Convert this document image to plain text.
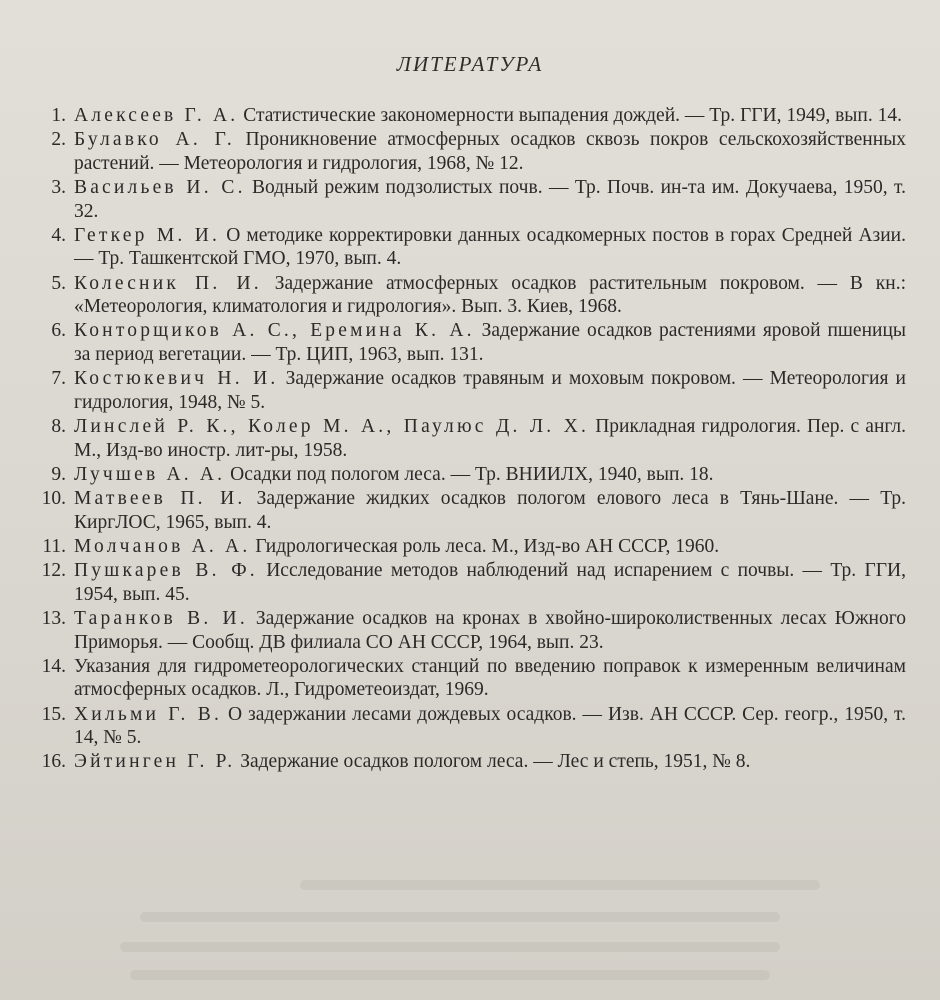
ЛИТЕРАТУРА
1. Алексеев Г. А. Статистические закономерности выпадения дождей. — Тр. ГГИ, 1949, вып. 14.
2. Булавко А. Г. Проникновение атмосферных осадков сквозь покров сельскохозяйственных растений. — Метеорология и гидрология, 1968, № 12.
3. Васильев И. С. Водный режим подзолистых почв. — Тр. Почв. ин-та им. Докучаева, 1950, т. 32.
4. Геткер М. И. О методике корректировки данных осадкомерных постов в горах Средней Азии. — Тр. Ташкентской ГМО, 1970, вып. 4.
5. Колесник П. И. Задержание атмосферных осадков растительным покровом. — В кн.: «Метеорология, климатология и гидрология». Вып. 3. Киев, 1968.
6. Конторщиков А. С., Еремина К. А. Задержание осадков растениями яровой пшеницы за период вегетации. — Тр. ЦИП, 1963, вып. 131.
7. Костюкевич Н. И. Задержание осадков травяным и моховым покровом. — Метеорология и гидрология, 1948, № 5.
8. Линслей Р. К., Колер М. А., Паулюс Д. Л. Х. Прикладная гидрология. Пер. с англ. М., Изд-во иностр. лит-ры, 1958.
9. Лучшев А. А. Осадки под пологом леса. — Тр. ВНИИЛХ, 1940, вып. 18.
10. Матвеев П. И. Задержание жидких осадков пологом елового леса в Тянь-Шане. — Тр. КиргЛОС, 1965, вып. 4.
11. Молчанов А. А. Гидрологическая роль леса. М., Изд-во АН СССР, 1960.
12. Пушкарев В. Ф. Исследование методов наблюдений над испарением с почвы. — Тр. ГГИ, 1954, вып. 45.
13. Таранков В. И. Задержание осадков на кронах в хвойно-широколиственных лесах Южного Приморья. — Сообщ. ДВ филиала СО АН СССР, 1964, вып. 23.
14. Указания для гидрометеорологических станций по введению поправок к измеренным величинам атмосферных осадков. Л., Гидрометеоиздат, 1969.
15. Хильми Г. В. О задержании лесами дождевых осадков. — Изв. АН СССР. Сер. геогр., 1950, т. 14, № 5.
16. Эйтинген Г. Р. Задержание осадков пологом леса. — Лес и степь, 1951, № 8.
